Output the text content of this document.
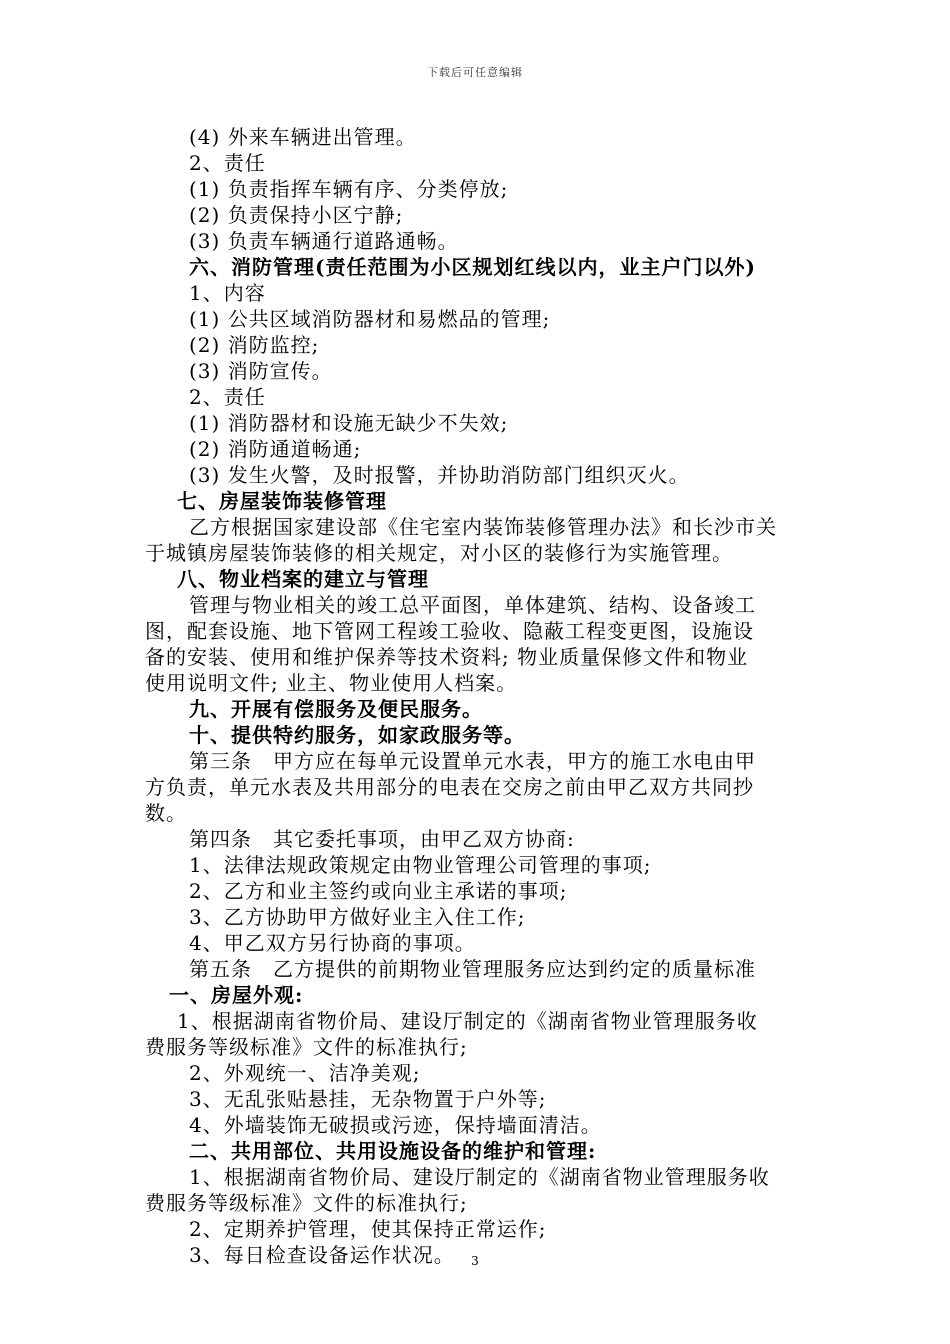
下载后可任意编辑
(4) 外来车辆进出管理。
2、责任
(1) 负责指挥车辆有序、分类停放;
(2) 负责保持小区宁静;
(3) 负责车辆通行道路通畅。
六、消防管理(责任范围为小区规划红线以内，业主户门以外)
1、内容
(1) 公共区域消防器材和易燃品的管理;
(2) 消防监控;
(3) 消防宣传。
2、责任
(1) 消防器材和设施无缺少不失效;
(2) 消防通道畅通;
(3) 发生火警，及时报警，并协助消防部门组织灭火。
七、房屋装饰装修管理
乙方根据国家建设部《住宅室内装饰装修管理办法》和长沙市关
于城镇房屋装饰装修的相关规定，对小区的装修行为实施管理。
八、物业档案的建立与管理
管理与物业相关的竣工总平面图，单体建筑、结构、设备竣工
图，配套设施、地下管网工程竣工验收、隐蔽工程变更图，设施设
备的安装、使用和维护保养等技术资料; 物业质量保修文件和物业
使用说明文件; 业主、物业使用人档案。
九、开展有偿服务及便民服务。
十、提供特约服务，如家政服务等。
第三条　甲方应在每单元设置单元水表，甲方的施工水电由甲
方负责，单元水表及共用部分的电表在交房之前由甲乙双方共同抄
数。
第四条　其它委托事项，由甲乙双方协商:
1、法律法规政策规定由物业管理公司管理的事项;
2、乙方和业主签约或向业主承诺的事项;
3、乙方协助甲方做好业主入住工作;
4、甲乙双方另行协商的事项。
第五条　乙方提供的前期物业管理服务应达到约定的质量标准
一、房屋外观:
1、根据湖南省物价局、建设厅制定的《湖南省物业管理服务收
费服务等级标准》文件的标准执行;
2、外观统一、洁净美观;
3、无乱张贴悬挂，无杂物置于户外等;
4、外墙装饰无破损或污迹，保持墙面清洁。
二、共用部位、共用设施设备的维护和管理:
1、根据湖南省物价局、建设厅制定的《湖南省物业管理服务收
费服务等级标准》文件的标准执行;
2、定期养护管理，使其保持正常运作;
3、每日检查设备运作状况。	3
